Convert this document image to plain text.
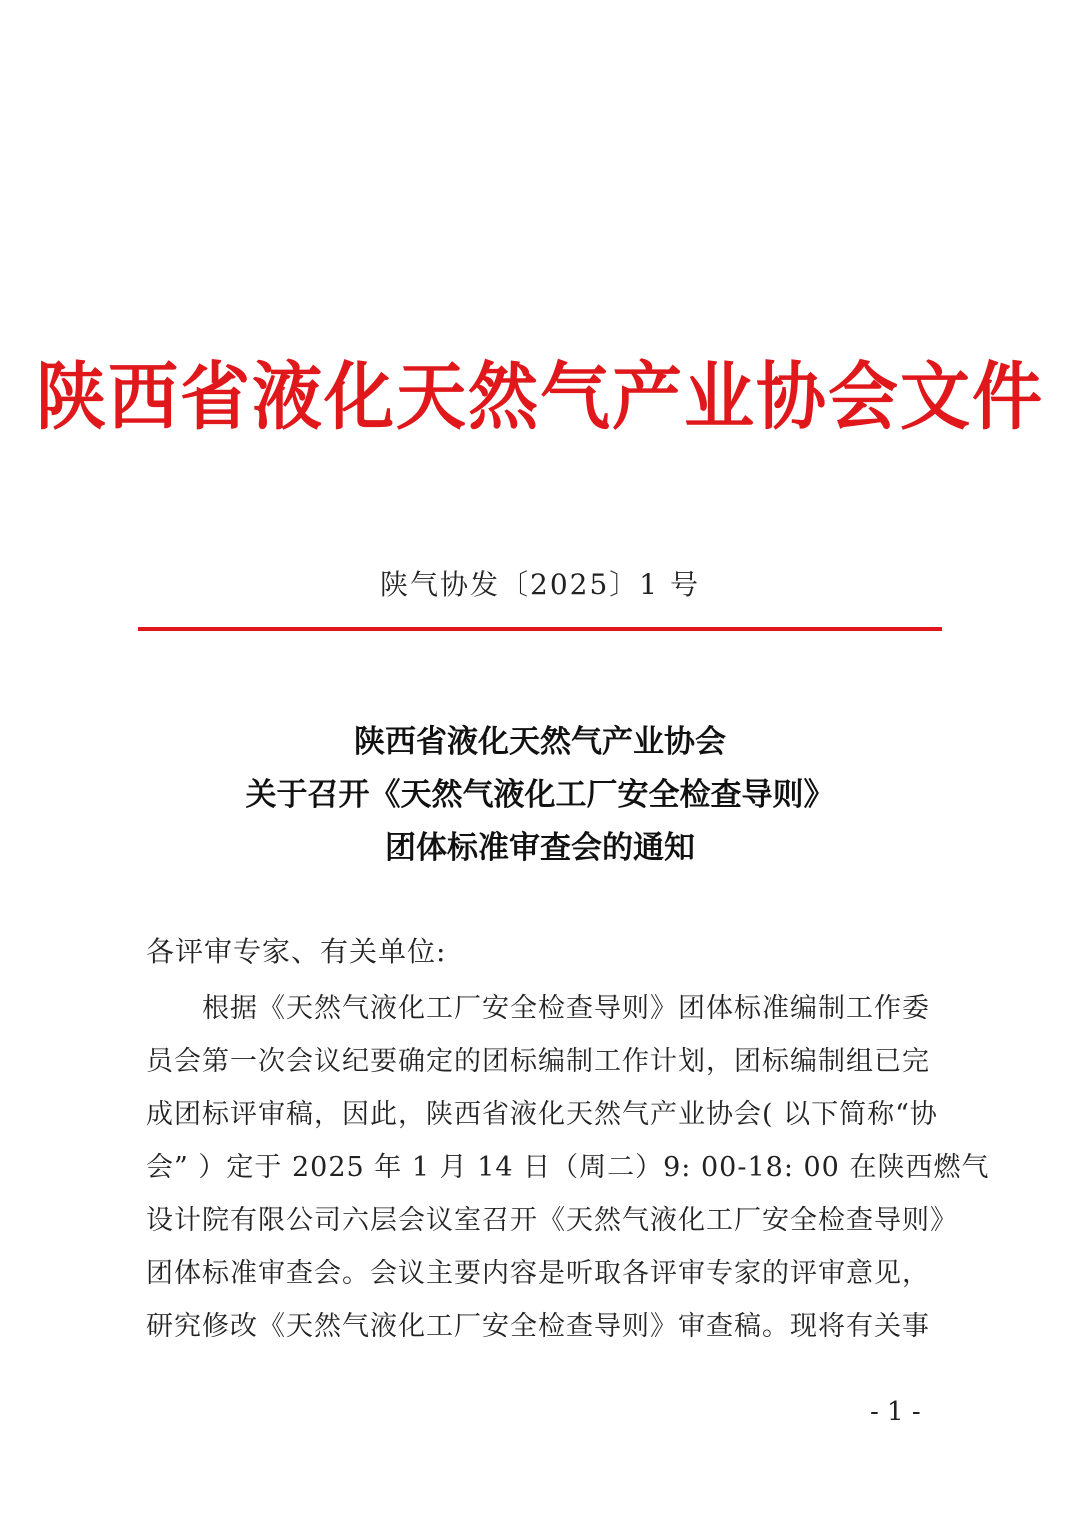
陕西省液化天然气产业协会文件
陕气协发〔2025〕1 号
陕西省液化天然气产业协会
关于召开《天然气液化工厂安全检查导则》
团体标准审查会的通知
各评审专家、有关单位:
根据《天然气液化工厂安全检查导则》团体标准编制工作委
员会第一次会议纪要确定的团标编制工作计划，团标编制组已完
成团标评审稿，因此，陕西省液化天然气产业协会( 以下简称“协
会” ）定于 2025 年 1 月 14 日（周二）9: 00-18: 00 在陕西燃气
设计院有限公司六层会议室召开《天然气液化工厂安全检查导则》
团体标准审查会。会议主要内容是听取各评审专家的评审意见，
研究修改《天然气液化工厂安全检查导则》审查稿。现将有关事
- 1 -
